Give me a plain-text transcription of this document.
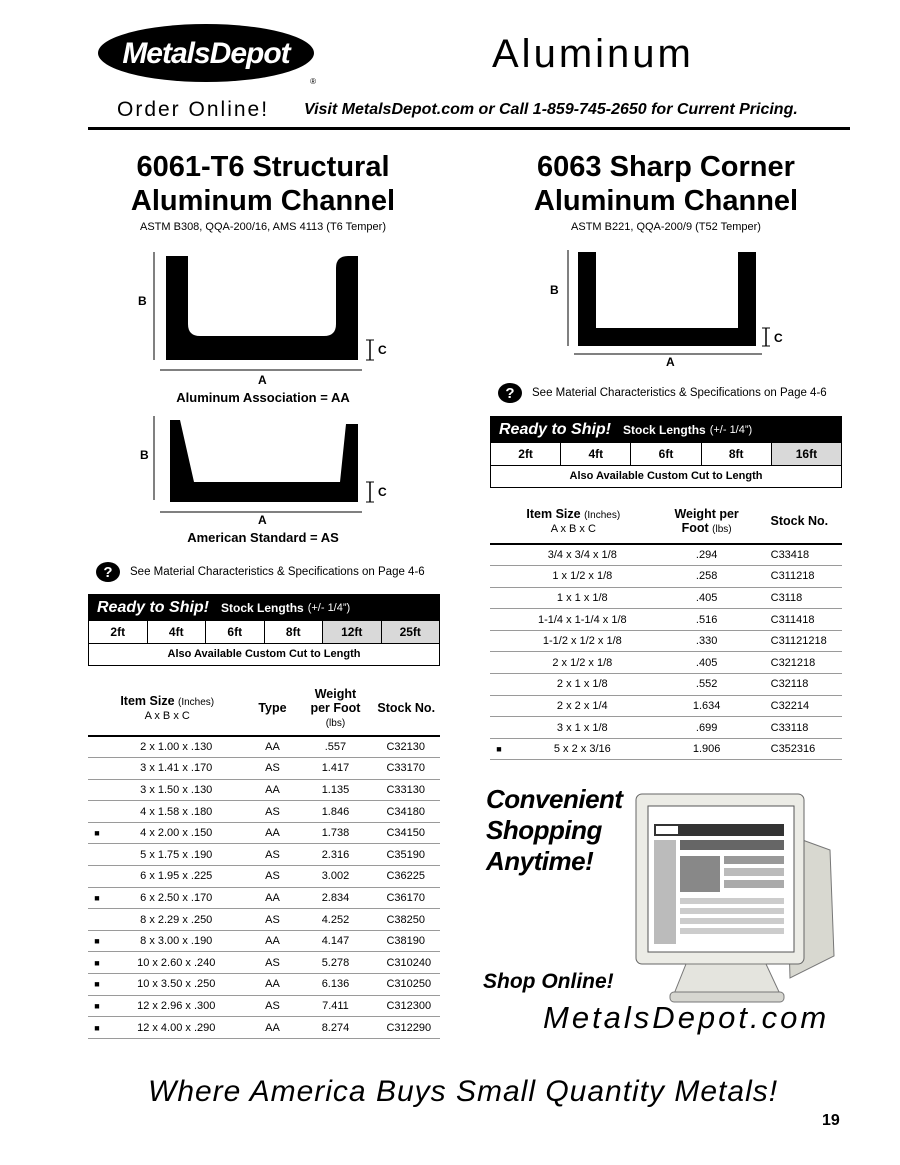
MetalsDepot
®
Aluminum
Order Online! Visit MetalsDepot.com or Call 1-859-745-2650 for Current Pricing.
6061-T6 Structural
Aluminum Channel
ASTM B308, QQA-200/16, AMS 4113 (T6 Temper)
B
A
C
Aluminum Association = AA
B
A
C
American Standard = AS
?	See Material Characteristics & Specifications on Page 4-6
Ready to Ship! Stock Lengths (+/- 1/4”)
2ft	4ft	6ft	8ft	12ft	25ft
Also Available Custom Cut to Length
Item Size (Inches)
A x B x C		Type	Weight
per Foot
(lbs)	Stock No.
	2 x 1.00 x .130	AA	.557	C32130
	3 x 1.41 x .170	AS	1.417	C33170
	3 x 1.50 x .130	AA	1.135	C33130
	4 x 1.58 x .180	AS	1.846	C34180
■	4 x 2.00 x .150	AA	1.738	C34150
	5 x 1.75 x .190	AS	2.316	C35190
	6 x 1.95 x .225	AS	3.002	C36225
■	6 x 2.50 x .170	AA	2.834	C36170
	8 x 2.29 x .250	AS	4.252	C38250
■	8 x 3.00 x .190	AA	4.147	C38190
■	10 x 2.60 x .240	AS	5.278	C310240
■	10 x 3.50 x .250	AA	6.136	C310250
■	12 x 2.96 x .300	AS	7.411	C312300
■	12 x 4.00 x .290	AA	8.274	C312290
6063 Sharp Corner
Aluminum Channel
ASTM B221, QQA-200/9 (T52 Temper)
B
A
C
?	See Material Characteristics & Specifications on Page 4-6
Ready to Ship! Stock Lengths (+/- 1/4”)
2ft	4ft	6ft	8ft	16ft
Also Available Custom Cut to Length
Item Size (Inches)
A x B x C		Weight per
Foot (lbs)	Stock No.
	3/4 x 3/4 x 1/8	.294	C33418
	1 x 1/2 x 1/8	.258	C311218
	1 x 1 x 1/8	.405	C3118
	1-1/4 x 1-1/4 x 1/8	.516	C311418
	1-1/2 x 1/2 x 1/8	.330	C31121218
	2 x 1/2 x 1/8	.405	C321218
	2 x 1 x 1/8	.552	C32118
	2 x 2 x 1/4	1.634	C32214
	3 x 1 x 1/8	.699	C33118
■	5 x 2 x 3/16	1.906	C352316
Convenient
Shopping
Anytime!
Shop Online!
MetalsDepot.com
Where America Buys Small Quantity Metals!
19
